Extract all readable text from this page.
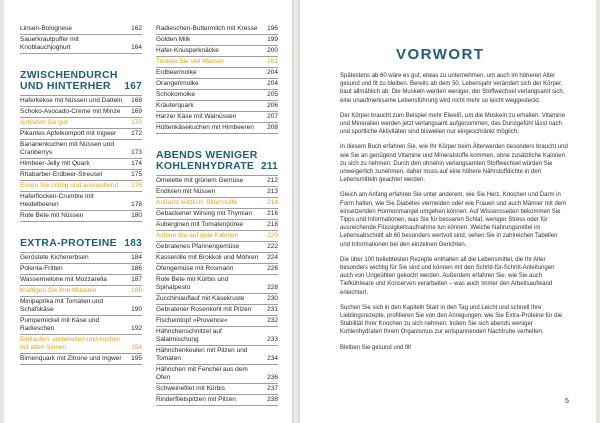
Linsen-Bolognese	162
Sauerkrautpuffer mit Knoblauchjoghurt	164
ZWISCHENDURCH UND HINTERHER	167
Haferkekse mit Nüssen und Datteln	168
Schoko-Avocado-Creme mit Minze	169
Schlafen Sie gut	170
Pikantes Apfelkompott mit Ingwer	172
Bananenkuchen mit Nüssen und Cranberrys	173
Himbeer-Jelly mit Quark	174
Rhabarber-Erdbeer-Streusel	175
Essen Sie richtig und ausreichend	176
Haferflocken-Crumble mit Heidelbeeren	178
Rote Bete mit Nüssen	180
EXTRA-PROTEINE 183
Geröstete Kichererbsen	184
Polenta-Fritten	186
Wassermelone mit Mozzarella	187
Kräftigen Sie Ihre Muskeln	188
Minipaprika mit Tomaten und Schafskäse	190
Pumpernickel mit Käse und Radieschen	192
Einkaufen, vorbereiten und kochen mit allen Sinnen	194
Birnenquark mit Zitrone und Ingwer	195
Radieschen-Buttermilch mit Kresse	196
Golden Milk	199
Hafer-Knusperknäcke	200
Trinken Sie viel Wasser	201
Erdbeermolke	204
Orangenmolke	204
Schokomolke	205
Kräuterquark	206
Harzer Käse mit Walnüssen	207
Hüttenkäsekuchen mit Himbeeren	208
ABENDS WENIGER KOHLENHYDRATE 211
Omelette mit grünem Gemüse	212
Endivien mit Nüssen	213
Außerst nützlich: Bitterstoffe	214
Gebackener Wirsing mit Thymian	216
Auberginen mit Tomatenpüree	218
Achten Sie auf gute Kalorien	220
Gebratenes Pfannengemüse	222
Kasserolle mit Brokkoli und Möhren	224
Ofengemüse mit Rosmarin	226
Rote Bete mit Kürbis und Spinatpesto	228
Zucchiniauflauf mit Käsekruste	230
Gebratener Rosenkohl mit Pilzen	231
Fischeintopf »Provence«	232
Hähnchenschnitzel auf Salatmischung	233
Hähnchenkeulen mit Pilzen und Tomaten	234
Hähnchen mit Fenchel aus dem Ofen	236
Schweinefilet mit Kürbis	237
Rinderfiletspitzen mit Pilzen	238
VORWORT

Spätestens ab 60 wäre es gut, etwas zu unternehmen, um auch im höheren Alter gesund und fit zu bleiben. Bereits ab dem 50. Lebensjahr verändert sich der Körper, baut allmählich ab: Die Muskeln werden weniger, der Stoffwechsel verlangsamt sich, eine unaufmerksame Lebensführung wird nicht mehr so leicht weggesteckt.

Der Körper braucht zum Beispiel mehr Eiweiß, um die Muskeln zu erhalten. Vitamine und Mineralien werden jetzt verlangsamt aufgenommen, das Durstgefühl lässt nach und sportliche Aktivitäten sind bisweilen nur eingeschränkt möglich.

In diesem Buch erfahren Sie, wie Ihr Körper beim Älterwerden besonders braucht und wie Sie an genügend Vitamine und Mineralstoffe kommen, ohne zusätzliche Kalorien zu sich zu nehmen. Durch den ohnehin verlangsamten Stoffwechsel würden Sie unweigerlich zunehmen, daher muss auf eine höhere Nährstoffdichte in den Lebensmitteln geachtet werden.

Gleich am Anfang erfahren Sie unter anderem, wie Sie Herz, Knochen und Darm in Form halten, wie Sie Diabetes vermeiden oder wie Frauen und auch Männer mit dem einsetzenden Hormonmangel umgehen können. Auf Wissensseiten bekommen Sie Tipps und Informationen, was Sie für besseren Schlaf, weniger Stress oder für ausreichende Flüssigkeitsaufnahme tun können. Welche Nahrungsmittel im Lebensabschnitt ab 60 besonders wertvoll sind, sehen Sie in zahlreichen Tabellen und Informationen bei den einzelnen Gerichten.

Die über 100 beliebtesten Rezepte enthalten all die Lebensmittel, die Ihr Alter besonders wichtig für Sie sind und können mit den Schritt-für-Schritt-Anleitungen auch von Ungeübten gekocht werden. Außerdem erfahren Sie, wie Sie auch Tiefkühlware und Konserven verarbeiten – was auch immer den Arbeitsaufwand erleichtert.

Suchen Sie sich in den Kapiteln Start in den Tag und Leicht und schnell Ihre Lieblingsrezepte, profitieren Sie von den Anregungen, wie Sie Extra-Proteine für die Stabilität Ihrer Knochen zu sich nehmen. Indem Sie sich abends weniger Kohlenhydraten Ihrem Organismus zur entspannenden Nachtruhe verhelfen.

Bleiben Sie gesund und fit!

5
